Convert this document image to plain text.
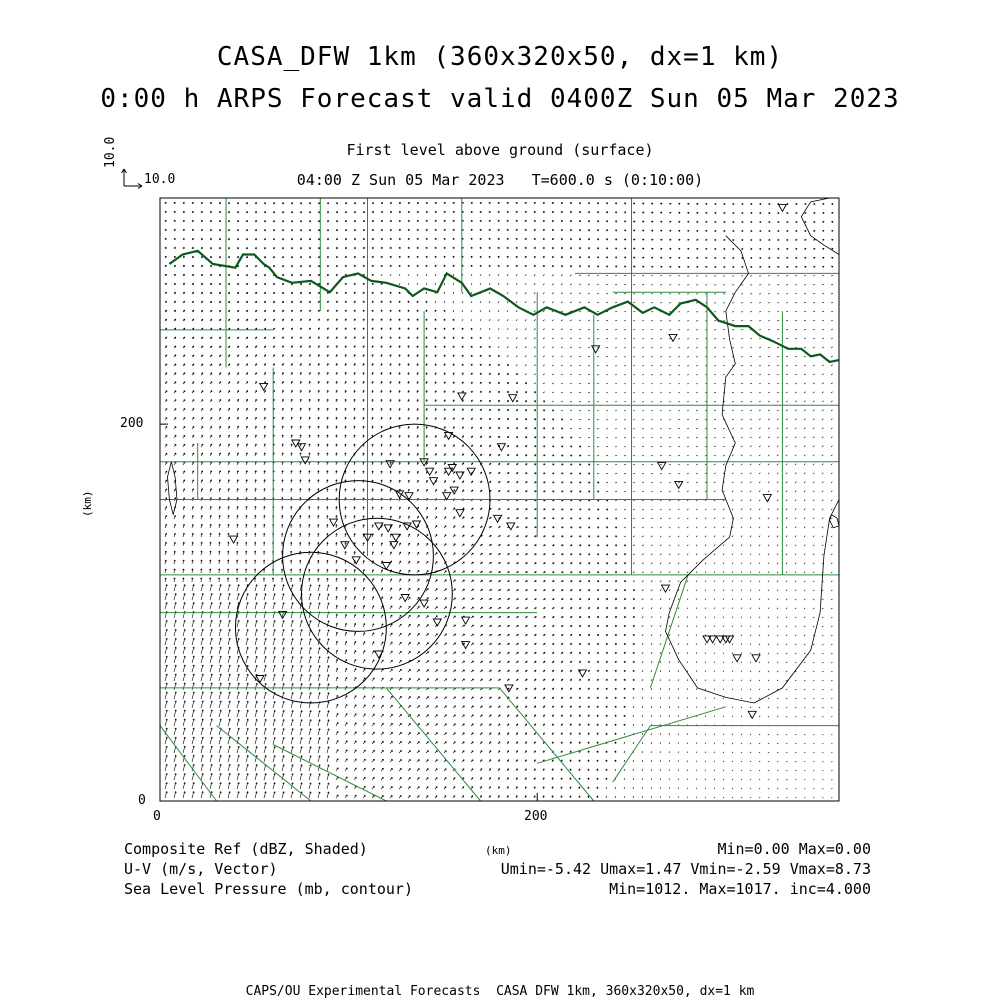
CASA_DFW 1km (360x320x50, dx=1 km)
0:00 h ARPS Forecast valid 0400Z Sun 05 Mar 2023
First level above ground (surface)
04:00 Z Sun 05 Mar 2023   T=600.0 s (0:10:00)
10.0
10.0
200
0
0	200
(km)
(km)
Composite Ref (dBZ, Shaded)	Min=0.00 Max=0.00
U-V (m/s, Vector)	Umin=-5.42 Umax=1.47 Vmin=-2.59 Vmax=8.73
Sea Level Pressure (mb, contour)	Min=1012. Max=1017. inc=4.000
CAPS/OU Experimental Forecasts  CASA DFW 1km, 360x320x50, dx=1 km
